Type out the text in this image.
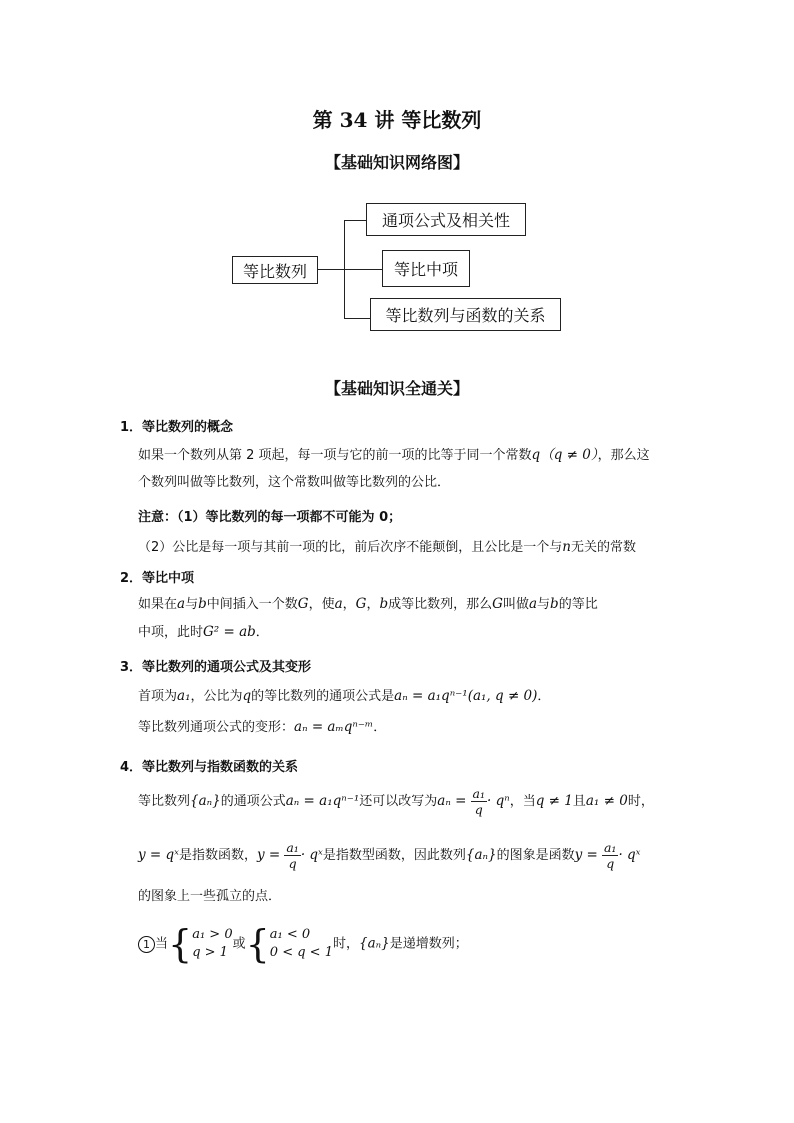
第 34 讲 等比数列
【基础知识网络图】
等比数列
通项公式及相关性
等比中项
等比数列与函数的关系
【基础知识全通关】
1．等比数列的概念
如果一个数列从第 2 项起，每一项与它的前一项的比等于同一个常数q（q ≠ 0），那么这
个数列叫做等比数列，这个常数叫做等比数列的公比．
注意：（1）等比数列的每一项都不可能为 0；
（2）公比是每一项与其前一项的比，前后次序不能颠倒，且公比是一个与n无关的常数
2．等比中项
如果在a与b中间插入一个数G，使a，G，b成等比数列，那么G叫做a与b的等比
中项，此时G² = ab．
3．等比数列的通项公式及其变形
首项为a₁，公比为q的等比数列的通项公式是aₙ = a₁qⁿ⁻¹(a₁, q ≠ 0)．
等比数列通项公式的变形：aₙ = aₘqⁿ⁻ᵐ．
4．等比数列与指数函数的关系
等比数列{aₙ}的通项公式aₙ = a₁qⁿ⁻¹还可以改写为$a_n = \frac{\text{a₁}}{q} \cdot q^n$，当q ≠ 1且a₁ ≠ 0时，
y = qˣ是指数函数，$y = \frac{\text{a₁}}{q}$ · qˣ是指数型函数，因此数列{aₙ}的图象是函数$y = \frac{\text{a₁}}{q}$ · qˣ
的图象上一些孤立的点．
1 当{ a₁ > 0
q > 1
或{ a₁ < 0
0 < q < 1
时，{aₙ}是递增数列；
